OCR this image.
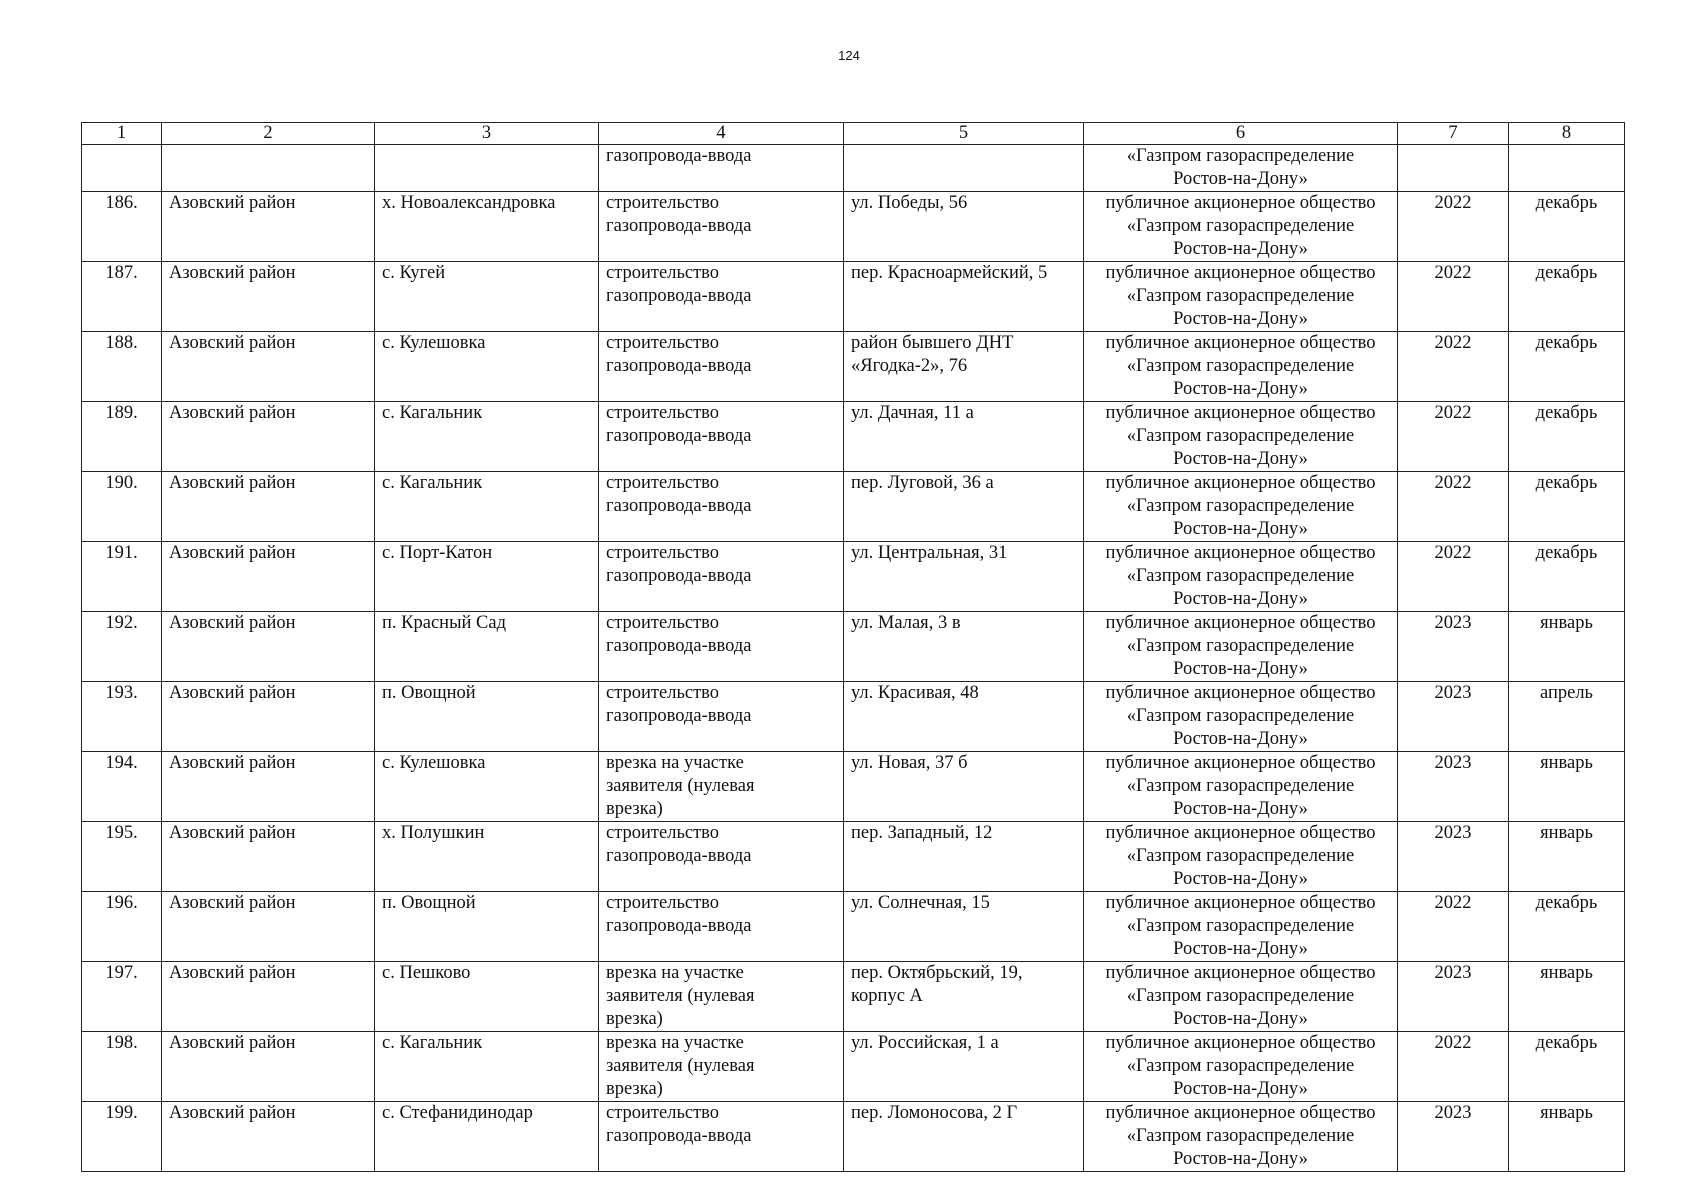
124
1	2	3	4	5	6	7	8
			газопровода-ввода		«Газпром газораспределение
Ростов-на-Дону»		
186.	Азовский район	х. Новоалександровка	строительство
газопровода-ввода	ул. Победы, 56	публичное акционерное общество
«Газпром газораспределение
Ростов-на-Дону»	2022	декабрь
187.	Азовский район	с. Кугей	строительство
газопровода-ввода	пер. Красноармейский, 5	публичное акционерное общество
«Газпром газораспределение
Ростов-на-Дону»	2022	декабрь
188.	Азовский район	с. Кулешовка	строительство
газопровода-ввода	район бывшего ДНТ
«Ягодка-2», 76	публичное акционерное общество
«Газпром газораспределение
Ростов-на-Дону»	2022	декабрь
189.	Азовский район	с. Кагальник	строительство
газопровода-ввода	ул. Дачная, 11 а	публичное акционерное общество
«Газпром газораспределение
Ростов-на-Дону»	2022	декабрь
190.	Азовский район	с. Кагальник	строительство
газопровода-ввода	пер. Луговой, 36 а	публичное акционерное общество
«Газпром газораспределение
Ростов-на-Дону»	2022	декабрь
191.	Азовский район	с. Порт-Катон	строительство
газопровода-ввода	ул. Центральная, 31	публичное акционерное общество
«Газпром газораспределение
Ростов-на-Дону»	2022	декабрь
192.	Азовский район	п. Красный Сад	строительство
газопровода-ввода	ул. Малая, 3 в	публичное акционерное общество
«Газпром газораспределение
Ростов-на-Дону»	2023	январь
193.	Азовский район	п. Овощной	строительство
газопровода-ввода	ул. Красивая, 48	публичное акционерное общество
«Газпром газораспределение
Ростов-на-Дону»	2023	апрель
194.	Азовский район	с. Кулешовка	врезка на участке
заявителя (нулевая
врезка)	ул. Новая, 37 б	публичное акционерное общество
«Газпром газораспределение
Ростов-на-Дону»	2023	январь
195.	Азовский район	х. Полушкин	строительство
газопровода-ввода	пер. Западный, 12	публичное акционерное общество
«Газпром газораспределение
Ростов-на-Дону»	2023	январь
196.	Азовский район	п. Овощной	строительство
газопровода-ввода	ул. Солнечная, 15	публичное акционерное общество
«Газпром газораспределение
Ростов-на-Дону»	2022	декабрь
197.	Азовский район	с. Пешково	врезка на участке
заявителя (нулевая
врезка)	пер. Октябрьский, 19,
корпус А	публичное акционерное общество
«Газпром газораспределение
Ростов-на-Дону»	2023	январь
198.	Азовский район	с. Кагальник	врезка на участке
заявителя (нулевая
врезка)	ул. Российская, 1 а	публичное акционерное общество
«Газпром газораспределение
Ростов-на-Дону»	2022	декабрь
199.	Азовский район	с. Стефанидинодар	строительство
газопровода-ввода	пер. Ломоносова, 2 Г	публичное акционерное общество
«Газпром газораспределение
Ростов-на-Дону»	2023	январь
